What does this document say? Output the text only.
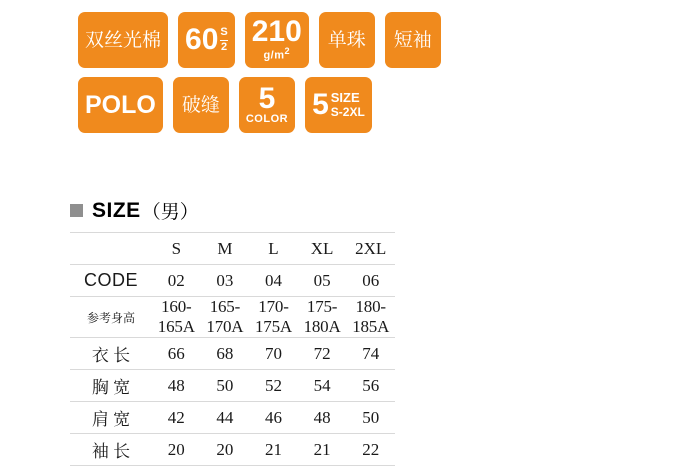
双丝光棉 60 S
2 210
$g/m^2$
单珠 短袖
POLO 破缝 5
COLOR 5 SIZE
S-2XL
SIZE （男）
	S	M	L	XL	2XL
CODE	02	03	04	05	06
参考身高	160-165A	165-170A	170-175A	175-180A	180-185A
衣 长	66	68	70	72	74
胸 宽	48	50	52	54	56
肩 宽	42	44	46	48	50
袖 长	20	20	21	21	22
